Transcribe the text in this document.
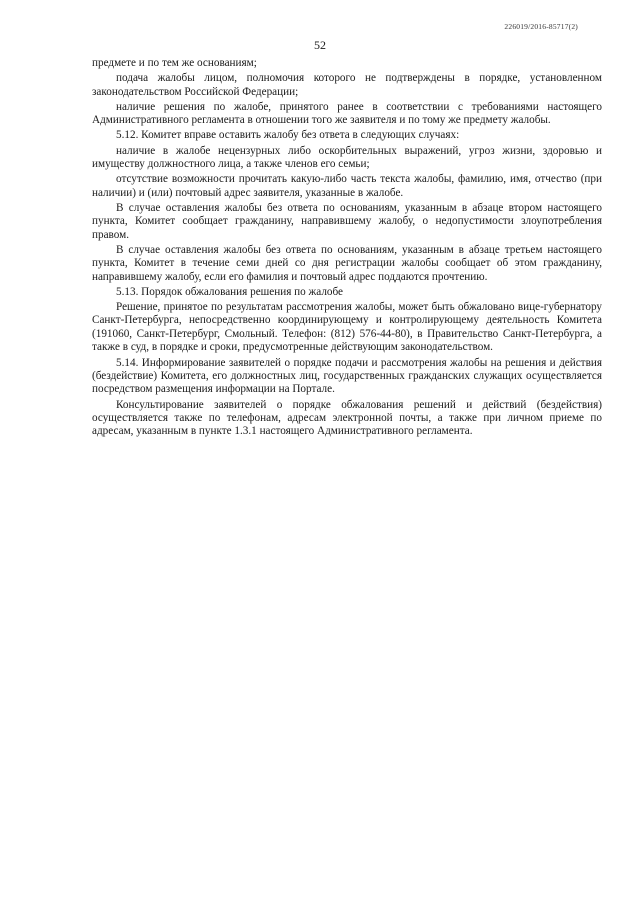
226019/2016-85717(2)
52

предмете и по тем же основаниям;

подача жалобы лицом, полномочия которого не подтверждены в порядке, установленном законодательством Российской Федерации;

наличие решения по жалобе, принятого ранее в соответствии с требованиями настоящего Административного регламента в отношении того же заявителя и по тому же предмету жалобы.

5.12. Комитет вправе оставить жалобу без ответа в следующих случаях:

наличие в жалобе нецензурных либо оскорбительных выражений, угроз жизни, здоровью и имуществу должностного лица, а также членов его семьи;

отсутствие возможности прочитать какую-либо часть текста жалобы, фамилию, имя, отчество (при наличии) и (или) почтовый адрес заявителя, указанные в жалобе.

В случае оставления жалобы без ответа по основаниям, указанным в абзаце втором настоящего пункта, Комитет сообщает гражданину, направившему жалобу, о недопустимости злоупотребления правом.

В случае оставления жалобы без ответа по основаниям, указанным в абзаце третьем настоящего пункта, Комитет в течение семи дней со дня регистрации жалобы сообщает об этом гражданину, направившему жалобу, если его фамилия и почтовый адрес поддаются прочтению.

5.13. Порядок обжалования решения по жалобе

Решение, принятое по результатам рассмотрения жалобы, может быть обжаловано вице-губернатору Санкт-Петербурга, непосредственно координирующему и контролирующему деятельность Комитета (191060, Санкт-Петербург, Смольный. Телефон: (812) 576-44-80), в Правительство Санкт-Петербурга, а также в суд, в порядке и сроки, предусмотренные действующим законодательством.

5.14. Информирование заявителей о порядке подачи и рассмотрения жалобы на решения и действия (бездействие) Комитета, его должностных лиц, государственных гражданских служащих осуществляется посредством размещения информации на Портале.

Консультирование заявителей о порядке обжалования решений и действий (бездействия) осуществляется также по телефонам, адресам электронной почты, а также при личном приеме по адресам, указанным в пункте 1.3.1 настоящего Административного регламента.
